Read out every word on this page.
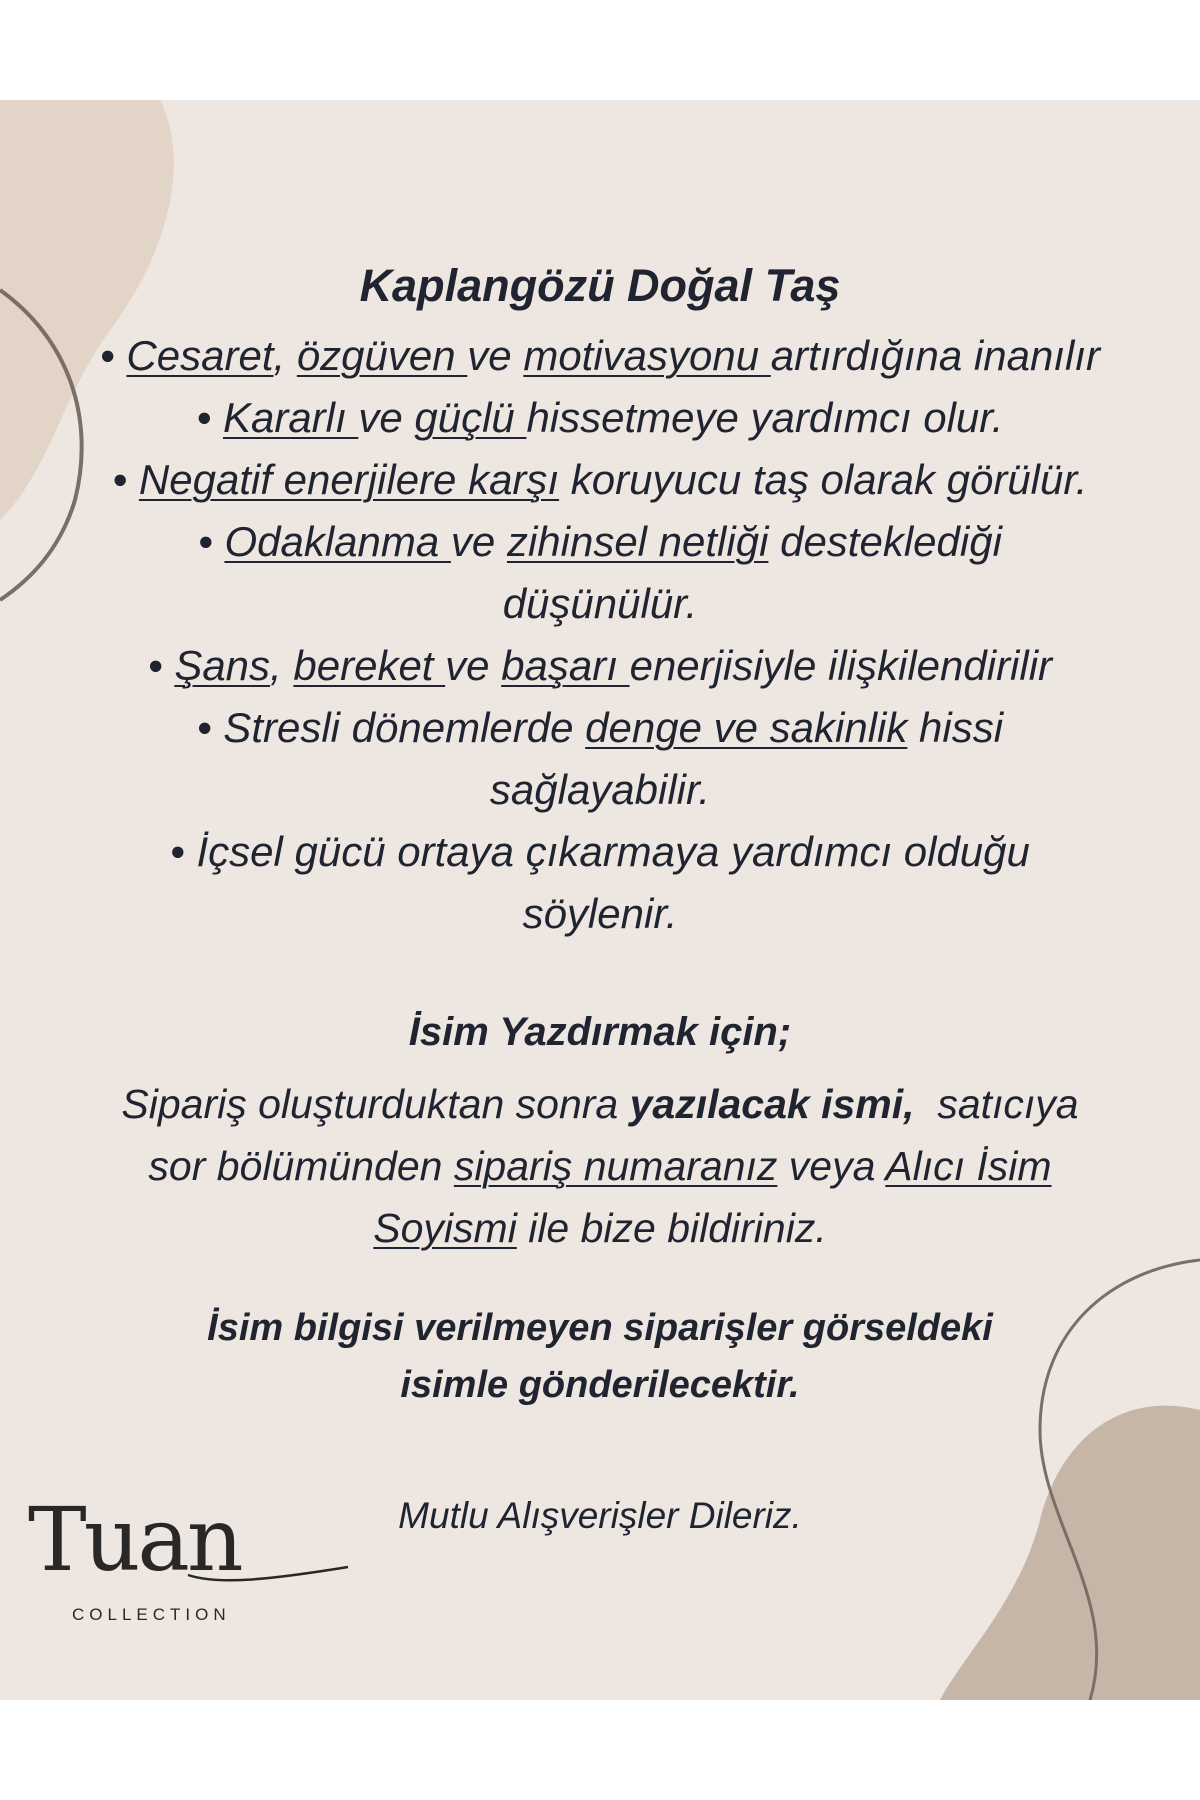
Kaplangözü Doğal Taş

• Cesaret, özgüven ve motivasyonu artırdığına inanılır

• Kararlı ve güçlü hissetmeye yardımcı olur.

• Negatif enerjilere karşı koruyucu taş olarak görülür.

• Odaklanma ve zihinsel netliği desteklediği

düşünülür.

• Şans, bereket ve başarı enerjisiyle ilişkilendirilir

• Stresli dönemlerde denge ve sakinlik hissi

sağlayabilir.

• İçsel gücü ortaya çıkarmaya yardımcı olduğu

söylenir.

İsim Yazdırmak için;

Sipariş oluşturduktan sonra yazılacak ismi,  satıcıya

sor bölümünden sipariş numaranız veya Alıcı İsim

Soyismi ile bize bildiriniz.

İsim bilgisi verilmeyen siparişler görseldeki

isimle gönderilecektir.

Mutlu Alışverişler Dileriz.

Tuan
COLLECTION
